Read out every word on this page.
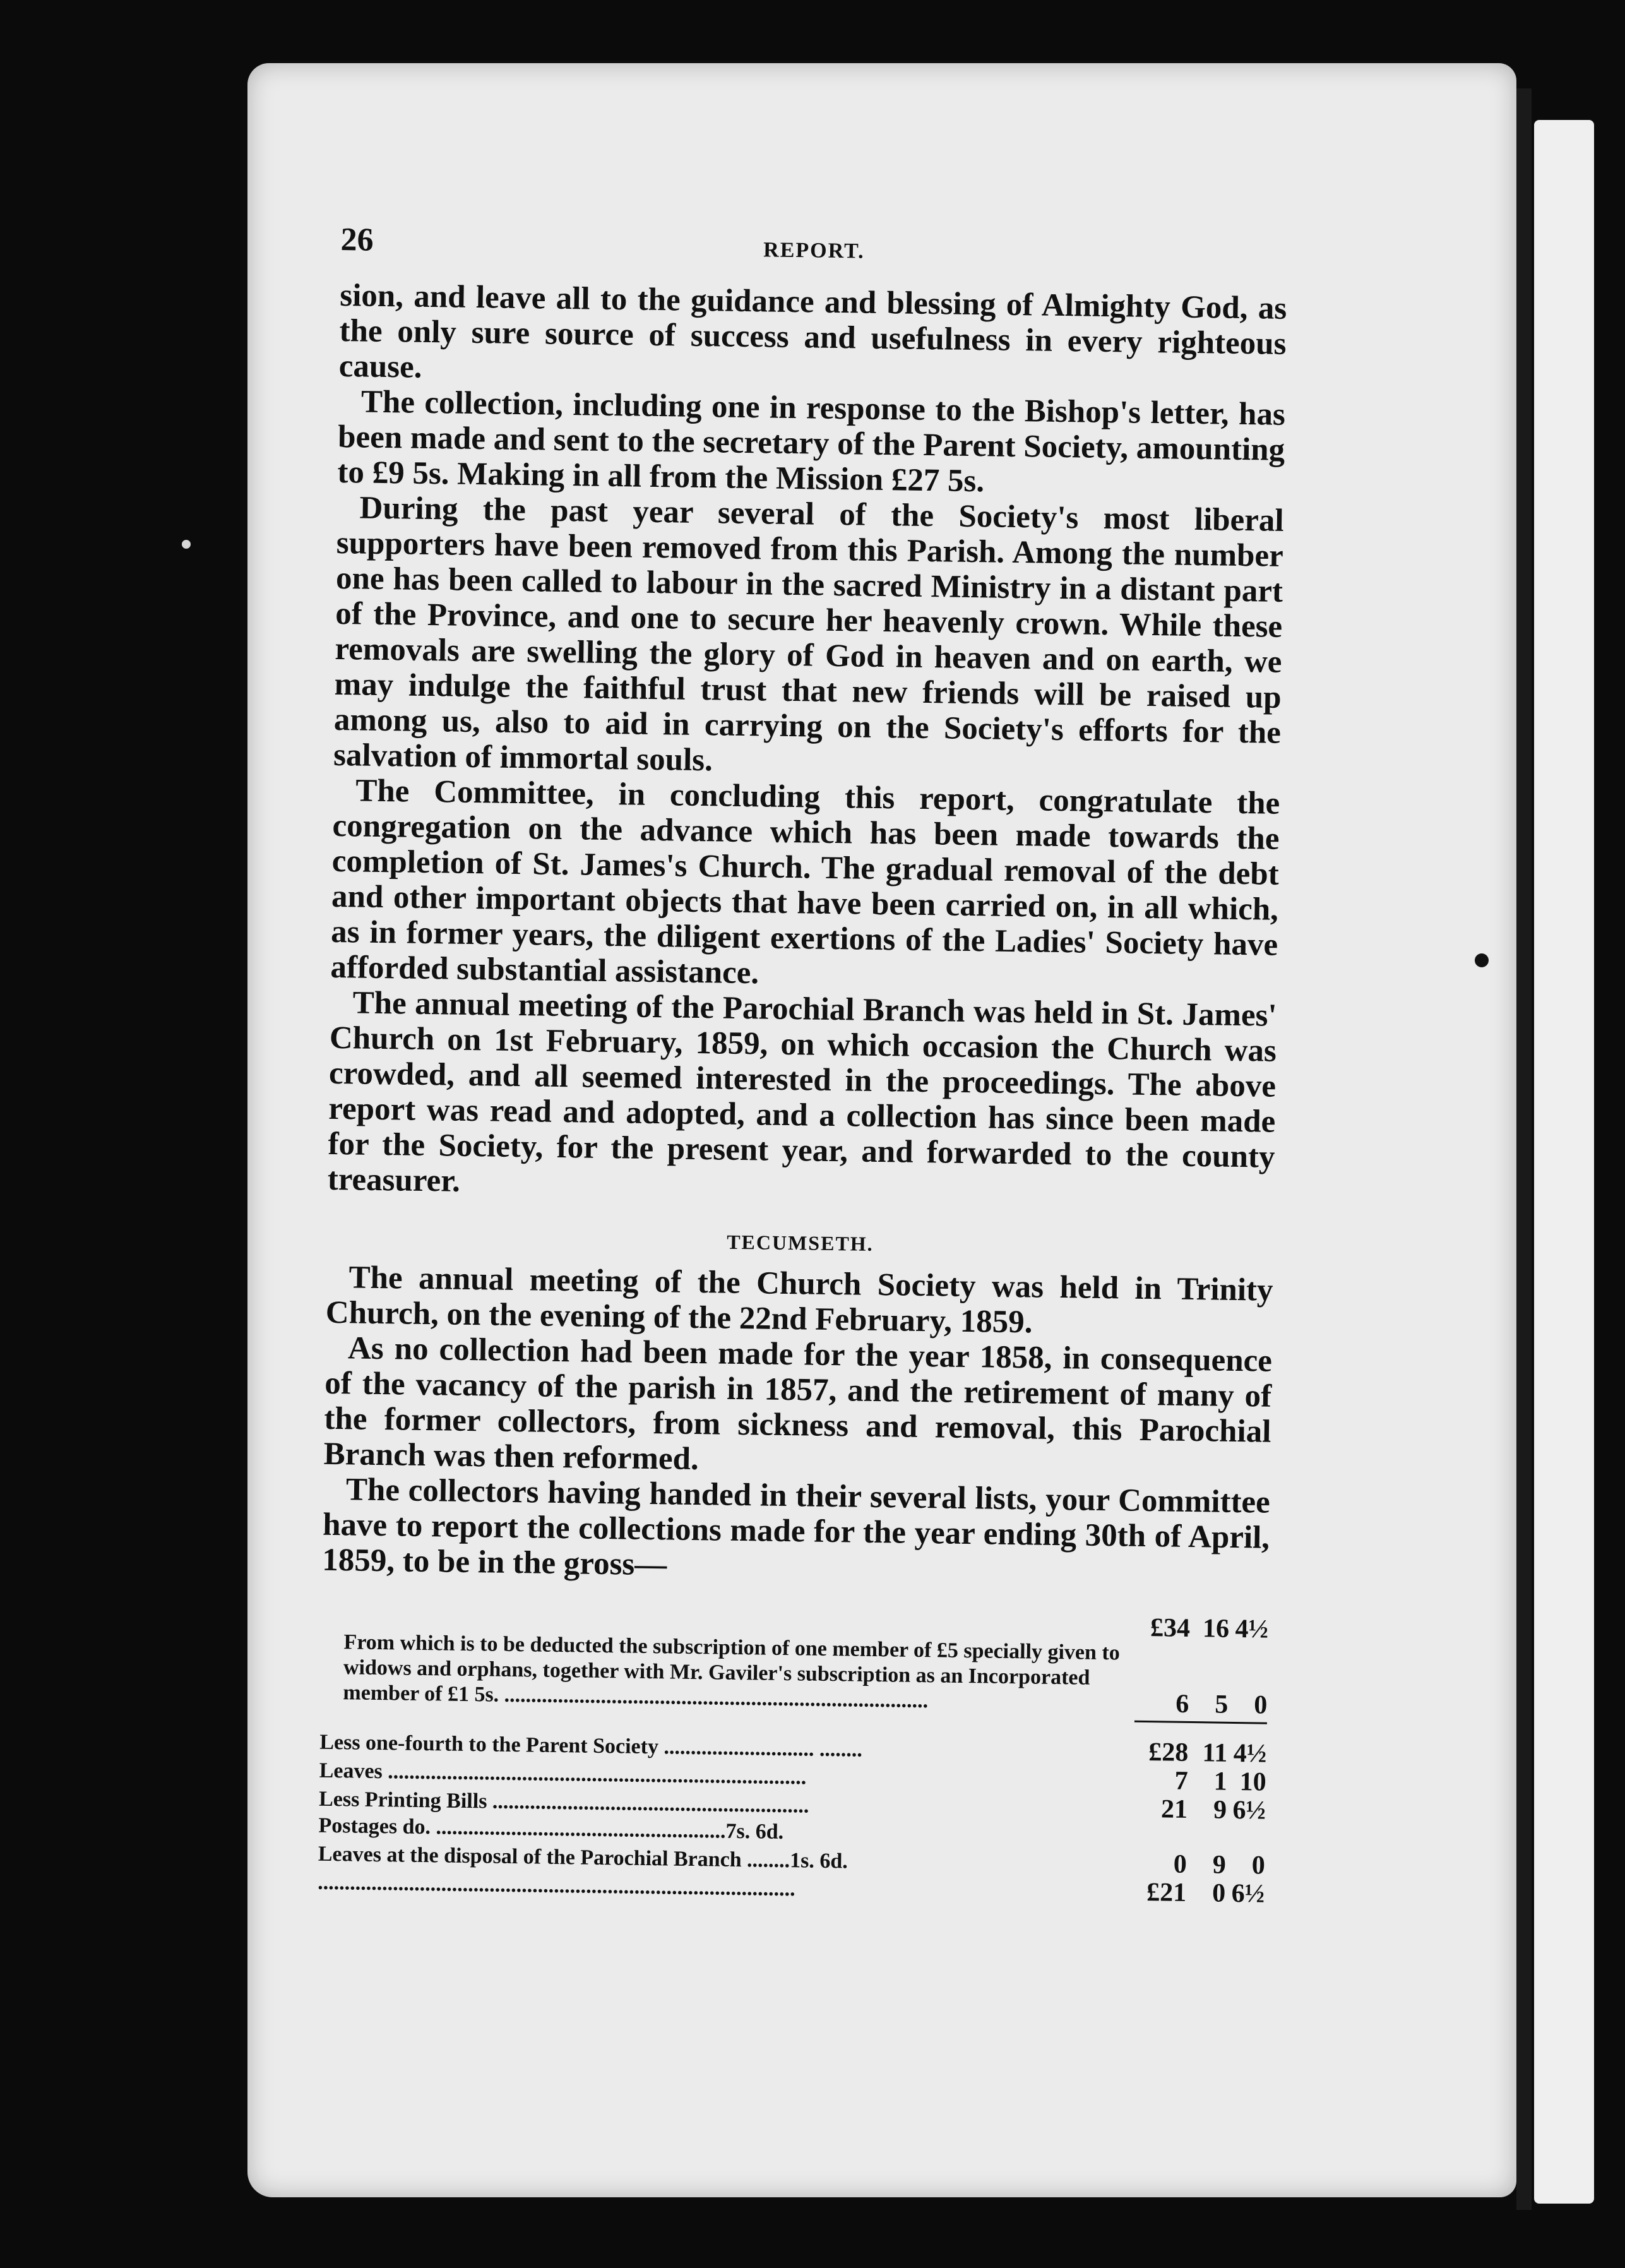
26	REPORT.

sion, and leave all to the guidance and blessing of Almighty God, as the only sure source of success and usefulness in every righteous cause.

The collection, including one in response to the Bishop's letter, has been made and sent to the secretary of the Parent Society, amounting to £9 5s. Making in all from the Mission £27 5s.

During the past year several of the Society's most liberal supporters have been removed from this Parish. Among the number one has been called to labour in the sacred Ministry in a distant part of the Province, and one to secure her heavenly crown. While these removals are swelling the glory of God in heaven and on earth, we may indulge the faithful trust that new friends will be raised up among us, also to aid in carrying on the Society's efforts for the salvation of immortal souls.

The Committee, in concluding this report, congratulate the congregation on the advance which has been made towards the completion of St. James's Church. The gradual removal of the debt and other important objects that have been carried on, in all which, as in former years, the diligent exertions of the Ladies' Society have afforded substantial assistance.

The annual meeting of the Parochial Branch was held in St. James' Church on 1st February, 1859, on which occasion the Church was crowded, and all seemed interested in the proceedings. The above report was read and adopted, and a collection has since been made for the Society, for the present year, and forwarded to the county treasurer.

TECUMSETH.

The annual meeting of the Church Society was held in Trinity Church, on the evening of the 22nd February, 1859.

As no collection had been made for the year 1858, in consequence of the vacancy of the parish in 1857, and the retirement of many of the former collectors, from sickness and removal, this Parochial Branch was then reformed.

The collectors having handed in their several lists, your Committee have to report the collections made for the year ending 30th of April, 1859, to be in the gross—

£34 16 4½
From which is to be deducted the subscription of one member of £5 specially given to widows and orphans, together with Mr. Gaviler's subscription as an Incorporated member of £1 5s. ...............................................................................	6 5 0
Less one-fourth to the Parent Society ............................ ........	£28 11 4½
Leaves ..............................................................................	7 1 10
Less Printing Bills ...........................................................	21 9 6½
Postages do. ......................................................7s. 6d.
Leaves at the disposal of the Parochial Branch ........1s. 6d.	0 9 0
.........................................................................................	£21 0 6½
